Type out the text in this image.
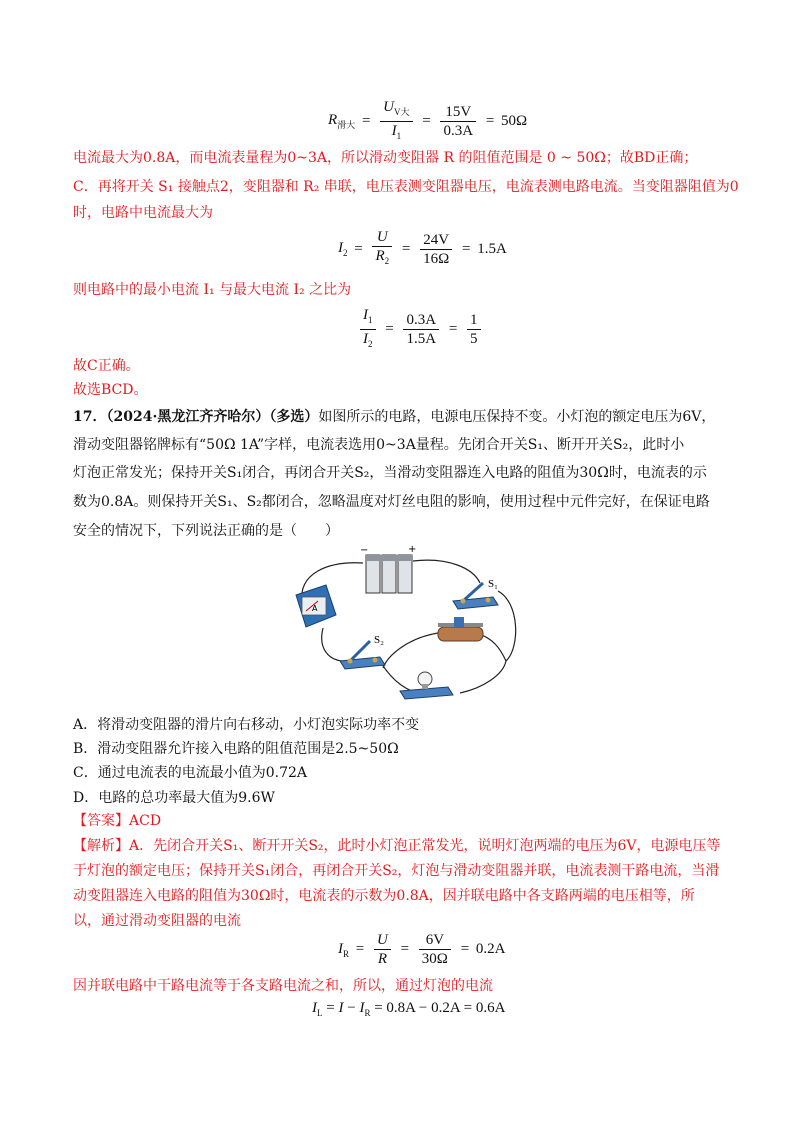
$R_{滑大} = \frac{U_{V大}}{I_1} = \frac{15V}{0.3A} = 50\Omega$
电流最大为0.8A，而电流表量程为0~3A，所以滑动变阻器 R 的阻值范围是 0 ~ 50Ω；故BD正确；
C．再将开关 S₁ 接触点2，变阻器和 R₂ 串联，电压表测变阻器电压，电流表测电路电流。当变阻器阻值为0
时，电路中电流最大为
$I_2 = \frac{U}{R_2} = \frac{24V}{16\Omega} = 1.5A$
则电路中的最小电流 I₁ 与最大电流 I₂ 之比为
$\frac{I_1}{I_2} = \frac{0.3A}{1.5A} = \frac{1}{5}$
故C正确。
故选BCD。
17．（2024·黑龙江齐齐哈尔）（多选）如图所示的电路，电源电压保持不变。小灯泡的额定电压为6V，
滑动变阻器铭牌标有“50Ω 1A”字样，电流表选用0~3A量程。先闭合开关S₁、断开开关S₂，此时小
灯泡正常发光；保持开关S₁闭合，再闭合开关S₂，当滑动变阻器连入电路的阻值为30Ω时，电流表的示
数为0.8A。则保持开关S₁、S₂都闭合，忽略温度对灯丝电阻的影响，使用过程中元件完好，在保证电路
安全的情况下，下列说法正确的是（　　）
−	+
A
S₁
S₂
A．将滑动变阻器的滑片向右移动，小灯泡实际功率不变
B．滑动变阻器允许接入电路的阻值范围是2.5~50Ω
C．通过电流表的电流最小值为0.72A
D．电路的总功率最大值为9.6W
【答案】ACD
【解析】A．先闭合开关S₁、断开开关S₂，此时小灯泡正常发光，说明灯泡两端的电压为6V，电源电压等
于灯泡的额定电压；保持开关S₁闭合，再闭合开关S₂，灯泡与滑动变阻器并联，电流表测干路电流，当滑
动变阻器连入电路的阻值为30Ω时，电流表的示数为0.8A，因并联电路中各支路两端的电压相等，所
以，通过滑动变阻器的电流
$I_R = \frac{U}{R} = \frac{6V}{30\Omega} = 0.2A$
因并联电路中干路电流等于各支路电流之和，所以，通过灯泡的电流
$I_L = I - I_R = 0.8A - 0.2A = 0.6A$
